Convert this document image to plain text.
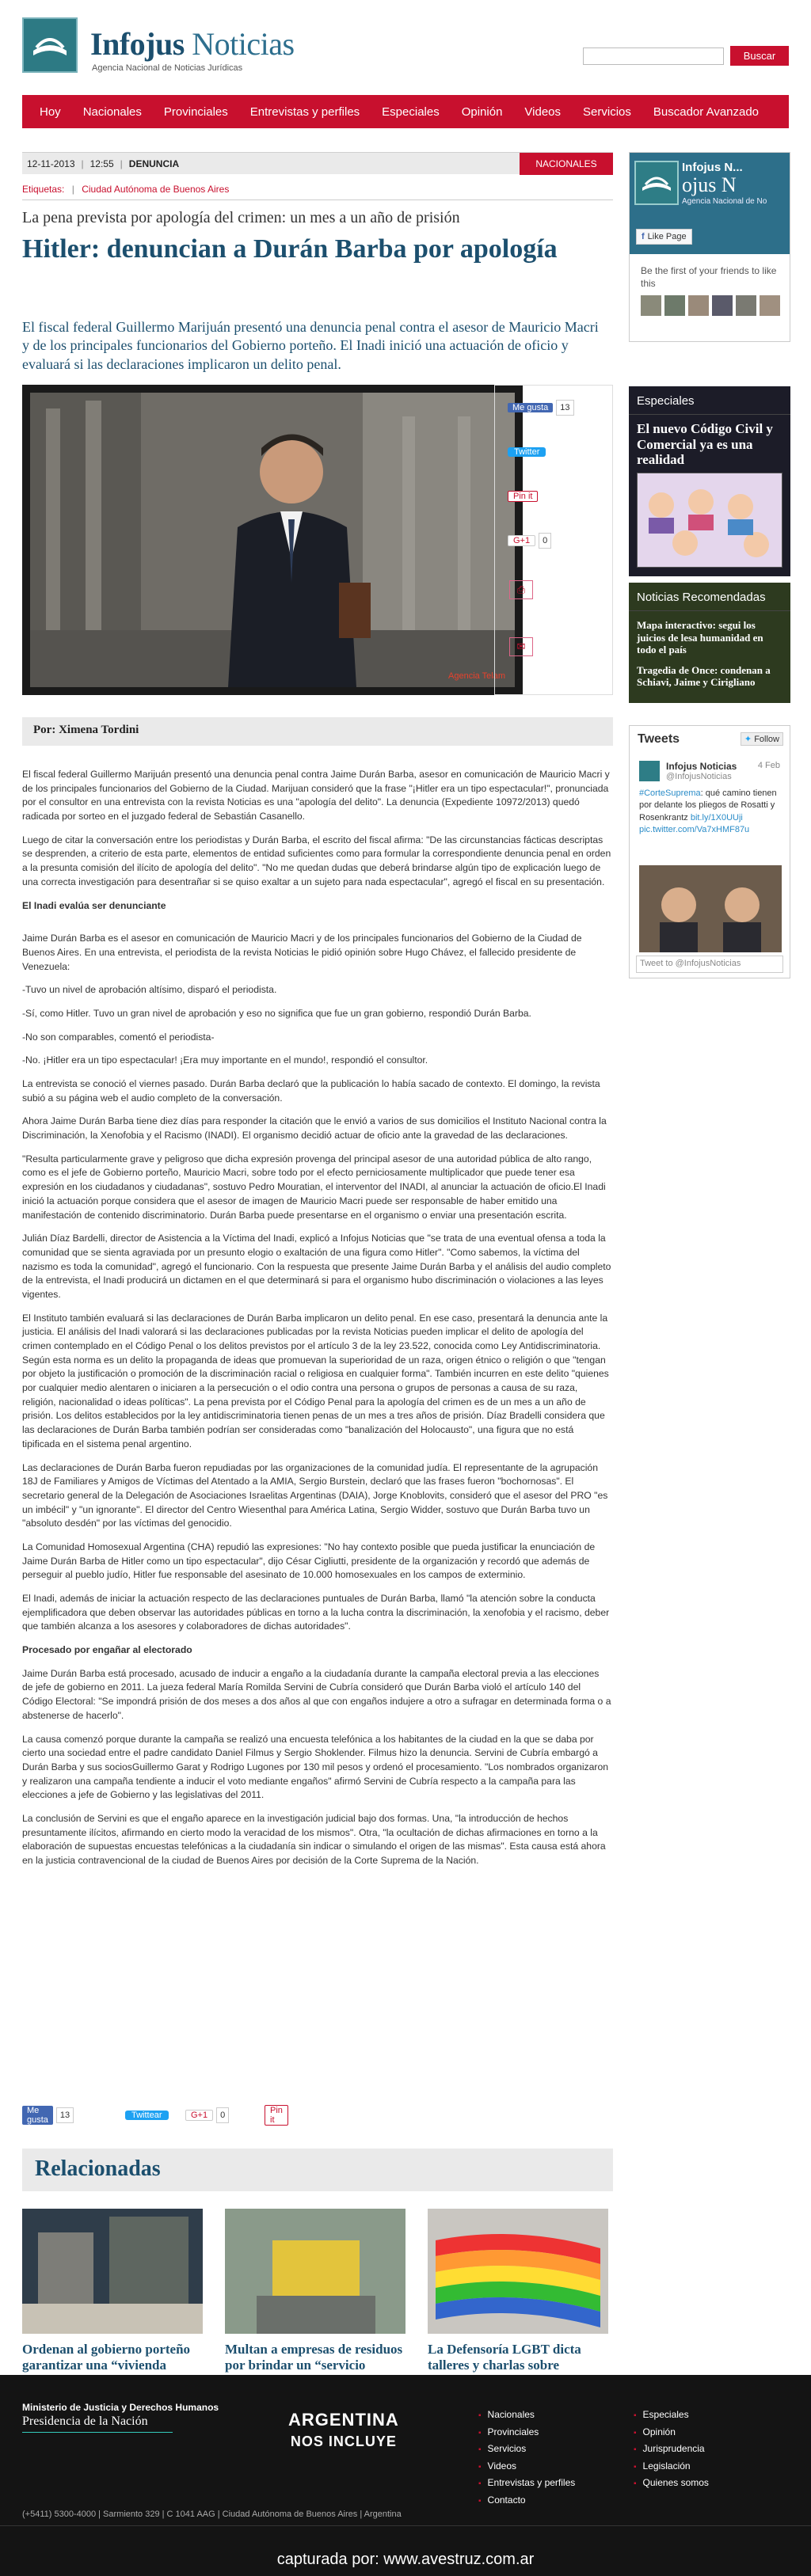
Infojus Noticias
Agencia Nacional de Noticias Jurídicas
Buscar
Hoy	Nacionales	Provinciales	Entrevistas y perfiles	Especiales	Opinión	Videos	Servicios	Buscador Avanzado
12-11-2013 | 12:55 | DENUNCIA	NACIONALES
Etiquetas: | Ciudad Autónoma de Buenos Aires
La pena prevista por apología del crimen: un mes a un año de prisión
Hitler: denuncian a Durán Barba por apología
El fiscal federal Guillermo Marijuán presentó una denuncia penal contra el asesor de Mauricio Macri y de los principales funcionarios del Gobierno porteño. El Inadi inició una actuación de oficio y evaluará si las declaraciones implicaron un delito penal.
Agencia Telam
Me gusta	13
Twitter
Pin it
G+1	0
⎙
✉
Por: Ximena Tordini

El fiscal federal Guillermo Marijuán presentó una denuncia penal contra Jaime Durán Barba, asesor en comunicación de Mauricio Macri y de los principales funcionarios del Gobierno de la Ciudad. Marijuan consideró que la frase "¡Hitler era un tipo espectacular!", pronunciada por el consultor en una entrevista con la revista Noticias es una "apología del delito". La denuncia (Expediente 10972/2013) quedó radicada por sorteo en el juzgado federal de Sebastián Casanello.

Luego de citar la conversación entre los periodistas y Durán Barba, el escrito del fiscal afirma: "De las circunstancias fácticas descriptas se desprenden, a criterio de esta parte, elementos de entidad suficientes como para formular la correspondiente denuncia penal en orden a la presunta comisión del ilícito de apología del delito". "No me quedan dudas que deberá brindarse algún tipo de explicación luego de una correcta investigación para desentrañar si se quiso exaltar a un sujeto para nada espectacular", agregó el fiscal en su presentación.

El Inadi evalúa ser denunciante

Jaime Durán Barba es el asesor en comunicación de Mauricio Macri y de los principales funcionarios del Gobierno de la Ciudad de Buenos Aires. En una entrevista, el periodista de la revista Noticias le pidió opinión sobre Hugo Chávez, el fallecido presidente de Venezuela:

-Tuvo un nivel de aprobación altísimo, disparó el periodista.

-Sí, como Hitler. Tuvo un gran nivel de aprobación y eso no significa que fue un gran gobierno, respondió Durán Barba.

-No son comparables, comentó el periodista-

-No. ¡Hitler era un tipo espectacular! ¡Era muy importante en el mundo!, respondió el consultor.

La entrevista se conoció el viernes pasado. Durán Barba declaró que la publicación lo había sacado de contexto. El domingo, la revista subió a su página web el audio completo de la conversación.

Ahora Jaime Durán Barba tiene diez días para responder la citación que le envió a varios de sus domicilios el Instituto Nacional contra la Discriminación, la Xenofobia y el Racismo (INADI). El organismo decidió actuar de oficio ante la gravedad de las declaraciones.

"Resulta particularmente grave y peligroso que dicha expresión provenga del principal asesor de una autoridad pública de alto rango, como es el jefe de Gobierno porteño, Mauricio Macri, sobre todo por el efecto perniciosamente multiplicador que puede tener esa expresión en los ciudadanos y ciudadanas", sostuvo Pedro Mouratian, el interventor del INADI, al anunciar la actuación de oficio.El Inadi inició la actuación porque considera que el asesor de imagen de Mauricio Macri puede ser responsable de haber emitido una manifestación de contenido discriminatorio. Durán Barba puede presentarse en el organismo o enviar una presentación escrita.

Julián Díaz Bardelli, director de Asistencia a la Víctima del Inadi, explicó a Infojus Noticias que "se trata de una eventual ofensa a toda la comunidad que se sienta agraviada por un presunto elogio o exaltación de una figura como Hitler". "Como sabemos, la víctima del nazismo es toda la comunidad", agregó el funcionario. Con la respuesta que presente Jaime Durán Barba y el análisis del audio completo de la entrevista, el Inadi producirá un dictamen en el que determinará si para el organismo hubo discriminación o violaciones a las leyes vigentes.

El Instituto también evaluará si las declaraciones de Durán Barba implicaron un delito penal. En ese caso, presentará la denuncia ante la justicia. El análisis del Inadi valorará si las declaraciones publicadas por la revista Noticias pueden implicar el delito de apología del crimen contemplado en el Código Penal o los delitos previstos por el artículo 3 de la ley 23.522, conocida como Ley Antidiscriminatoria. Según esta norma es un delito la propaganda de ideas que promuevan la superioridad de un raza, origen étnico o religión o que "tengan por objeto la justificación o promoción de la discriminación racial o religiosa en cualquier forma". También incurren en este delito "quienes por cualquier medio alentaren o iniciaren a la persecución o el odio contra una persona o grupos de personas a causa de su raza, religión, nacionalidad o ideas políticas". La pena prevista por el Código Penal para la apología del crimen es de un mes a un año de prisión. Los delitos establecidos por la ley antidiscriminatoria tienen penas de un mes a tres años de prisión. Díaz Bradelli considera que las declaraciones de Durán Barba también podrían ser consideradas como "banalización del Holocausto", una figura que no está tipificada en el sistema penal argentino.

Las declaraciones de Durán Barba fueron repudiadas por las organizaciones de la comunidad judía. El representante de la agrupación 18J de Familiares y Amigos de Víctimas del Atentado a la AMIA, Sergio Burstein, declaró que las frases fueron "bochornosas". El secretario general de la Delegación de Asociaciones Israelitas Argentinas (DAIA), Jorge Knoblovits, consideró que el asesor del PRO "es un imbécil" y "un ignorante". El director del Centro Wiesenthal para América Latina, Sergio Widder, sostuvo que Durán Barba tuvo un "absoluto desdén" por las víctimas del genocidio.

La Comunidad Homosexual Argentina (CHA) repudió las expresiones: "No hay contexto posible que pueda justificar la enunciación de Jaime Durán Barba de Hitler como un tipo espectacular", dijo César Cigliutti, presidente de la organización y recordó que además de perseguir al pueblo judío, Hitler fue responsable del asesinato de 10.000 homosexuales en los campos de exterminio.

El Inadi, además de iniciar la actuación respecto de las declaraciones puntuales de Durán Barba, llamó "la atención sobre la conducta ejemplificadora que deben observar las autoridades públicas en torno a la lucha contra la discriminación, la xenofobia y el racismo, deber que también alcanza a los asesores y colaboradores de dichas autoridades".

Procesado por engañar al electorado

Jaime Durán Barba está procesado, acusado de inducir a engaño a la ciudadanía durante la campaña electoral previa a las elecciones de jefe de gobierno en 2011. La jueza federal María Romilda Servini de Cubría consideró que Durán Barba violó el artículo 140 del Código Electoral: "Se impondrá prisión de dos meses a dos años al que con engaños indujere a otro a sufragar en determinada forma o a abstenerse de hacerlo".

La causa comenzó porque durante la campaña se realizó una encuesta telefónica a los habitantes de la ciudad en la que se daba por cierto una sociedad entre el padre candidato Daniel Filmus y Sergio Shoklender. Filmus hizo la denuncia. Servini de Cubría embargó a Durán Barba y sus sociosGuillermo Garat y Rodrigo Lugones por 130 mil pesos y ordenó el procesamiento. "Los nombrados organizaron y realizaron una campaña tendiente a inducir el voto mediante engaños" afirmó Servini de Cubría respecto a la campaña para las elecciones a jefe de Gobierno y las legislativas del 2011.

La conclusión de Servini es que el engaño aparece en la investigación judicial bajo dos formas. Una, "la introducción de hechos presuntamente ilícitos, afirmando en cierto modo la veracidad de los mismos". Otra, "la ocultación de dichas afirmaciones en torno a la elaboración de supuestas encuestas telefónicas a la ciudadanía sin indicar o simulando el origen de las mismas". Esta causa está ahora en la justicia contravencional de la ciudad de Buenos Aires por decisión de la Corte Suprema de la Nación.

Me gusta	13	Twittear	G+1	0	Pin it
Relacionadas
Ordenan al gobierno porteño garantizar una “vivienda
Multan a empresas de residuos por brindar un “servicio
La Defensoría LGBT dicta talleres y charlas sobre
Infojus N...
ojus N
Agencia Nacional de No
f Like Page
Be the first of your friends to like this
Especiales
El nuevo Código Civil y Comercial ya es una realidad
Noticias Recomendadas
Mapa interactivo: segui los juicios de lesa humanidad en todo el país
Tragedia de Once: condenan a Schiavi, Jaime y Cirigliano
Tweets	✦ Follow
Infojus Noticias 4 Feb
@InfojusNoticias
#CorteSuprema: qué camino tienen por delante los pliegos de Rosatti y Rosenkrantz bit.ly/1X0UUji pic.twitter.com/Va7xHMF87u
Tweet to @InfojusNoticias
Ministerio de Justicia y Derechos Humanos
Presidencia de la Nación	ARGENTINA
NOS INCLUYE
▪ Nacionales
▪ Provinciales
▪ Servicios
▪ Videos
▪ Entrevistas y perfiles
▪ Contacto
▪ Especiales
▪ Opinión
▪ Jurisprudencia
▪ Legislación
▪ Quienes somos
(+5411) 5300-4000 | Sarmiento 329 | C 1041 AAG | Ciudad Autónoma de Buenos Aires | Argentina
capturada por: www.avestruz.com.ar
